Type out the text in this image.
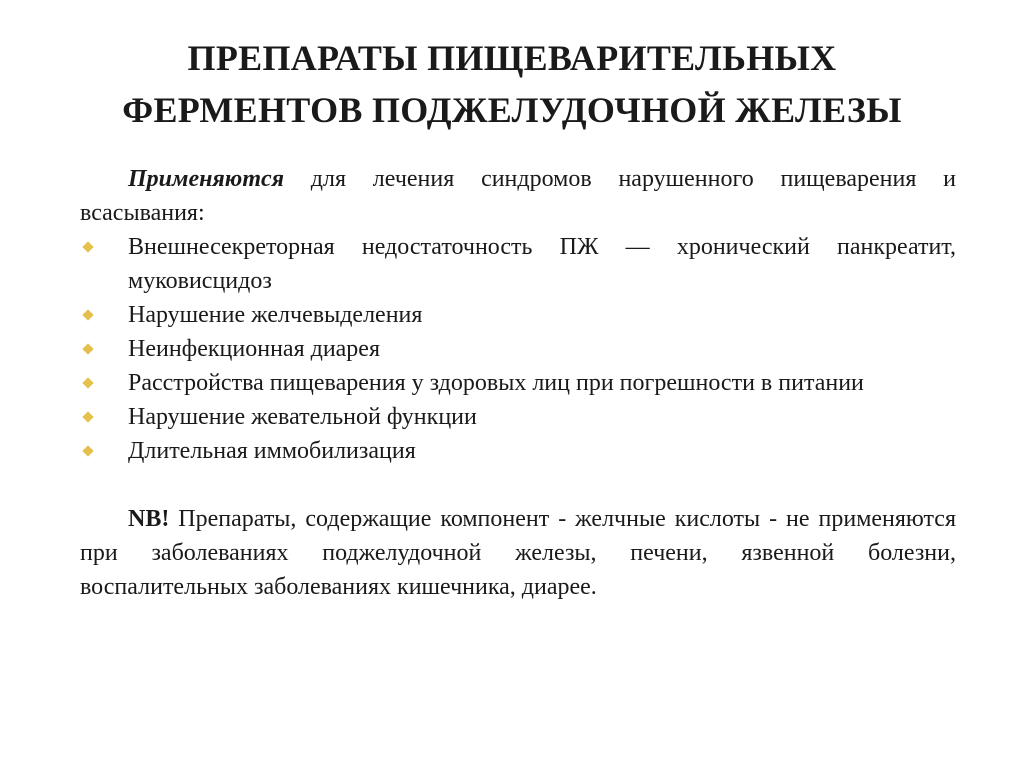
ПРЕПАРАТЫ ПИЩЕВАРИТЕЛЬНЫХ
ФЕРМЕНТОВ ПОДЖЕЛУДОЧНОЙ ЖЕЛЕЗЫ

Применяются для лечения синдромов нарушенного пищеварения и всасывания:

Внешнесекреторная недостаточность ПЖ — хронический панкреатит, муковисцидоз
Нарушение желчевыделения
Неинфекционная диарея
Расстройства пищеварения у здоровых лиц при погрешности в питании
Нарушение жевательной функции
Длительная иммобилизация

NB! Препараты, содержащие компонент - желчные кислоты - не применяются при заболеваниях поджелудочной железы, печени, язвенной болезни, воспалительных заболеваниях кишечника, диарее.
